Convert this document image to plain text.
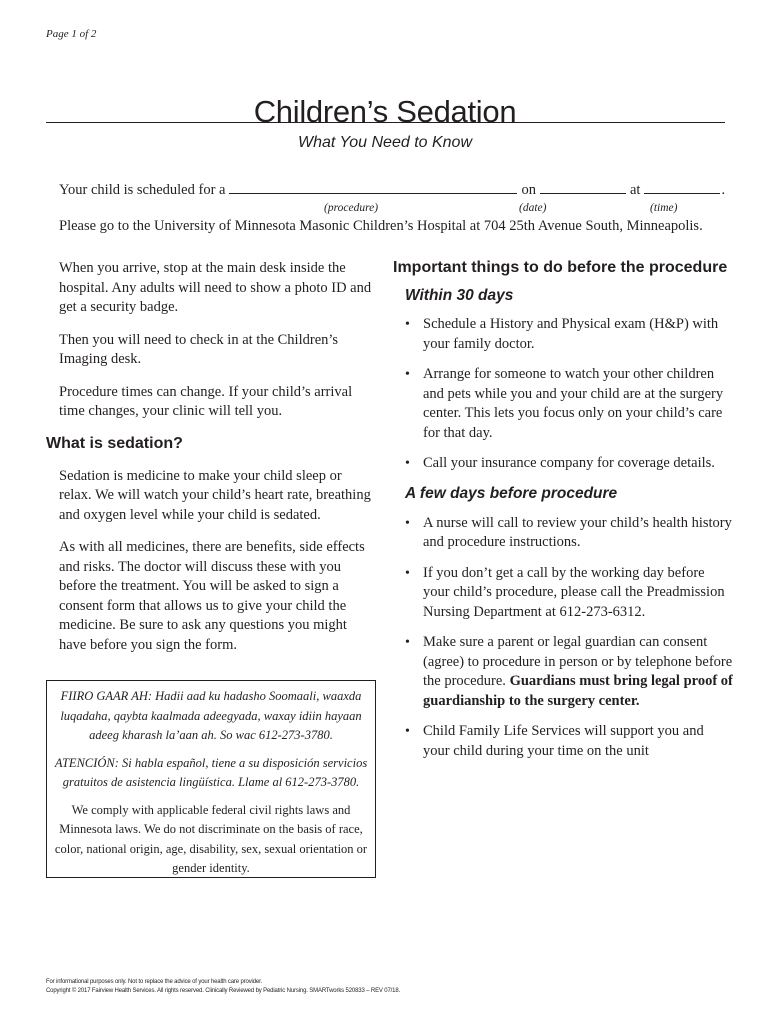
Page 1 of 2
Children’s Sedation
What You Need to Know
Your child is scheduled for a	on	at	.
(procedure)	(date)	(time)
Please go to the University of Minnesota Masonic Children’s Hospital at 704 25th Avenue South, Minneapolis.

When you arrive, stop at the main desk inside the hospital. Any adults will need to show a photo ID and get a security badge.

Then you will need to check in at the Children’s Imaging desk.

Procedure times can change. If your child’s arrival time changes, your clinic will tell you.

What is sedation?

Sedation is medicine to make your child sleep or relax. We will watch your child’s heart rate, breathing and oxygen level while your child is sedated.

As with all medicines, there are benefits, side effects and risks. The doctor will discuss these with you before the treatment. You will be asked to sign a consent form that allows us to give your child the medicine. Be sure to ask any questions you might have before you sign the form.

FIIRO GAAR AH: Hadii aad ku hadasho Soomaali, waaxda luqadaha, qaybta kaalmada adeegyada, waxay idiin hayaan adeeg kharash la’aan ah. So wac 612-273-3780.

ATENCIÓN: Si habla español, tiene a su disposición servicios gratuitos de asistencia lingüística. Llame al 612-273-3780.

We comply with applicable federal civil rights laws and Minnesota laws. We do not discriminate on the basis of race, color, national origin, age, disability, sex, sexual orientation or gender identity.

Important things to do before the procedure
Within 30 days
• Schedule a History and Physical exam (H&P) with your family doctor.
• Arrange for someone to watch your other children and pets while you and your child are at the surgery center. This lets you focus only on your child’s care for that day.
• Call your insurance company for coverage details.
A few days before procedure
• A nurse will call to review your child’s health history and procedure instructions.
• If you don’t get a call by the working day before your child’s procedure, please call the Preadmission Nursing Department at 612-273-6312.
• Make sure a parent or legal guardian can consent (agree) to procedure in person or by telephone before the procedure. Guardians must bring legal proof of guardianship to the surgery center.
• Child Family Life Services will support you and your child during your time on the unit
For informational purposes only. Not to replace the advice of your health care provider.
Copyright © 2017 Fairview Health Services. All rights reserved. Clinically Reviewed by Pediatric Nursing. SMARTworks 520833 – REV 07/18.
